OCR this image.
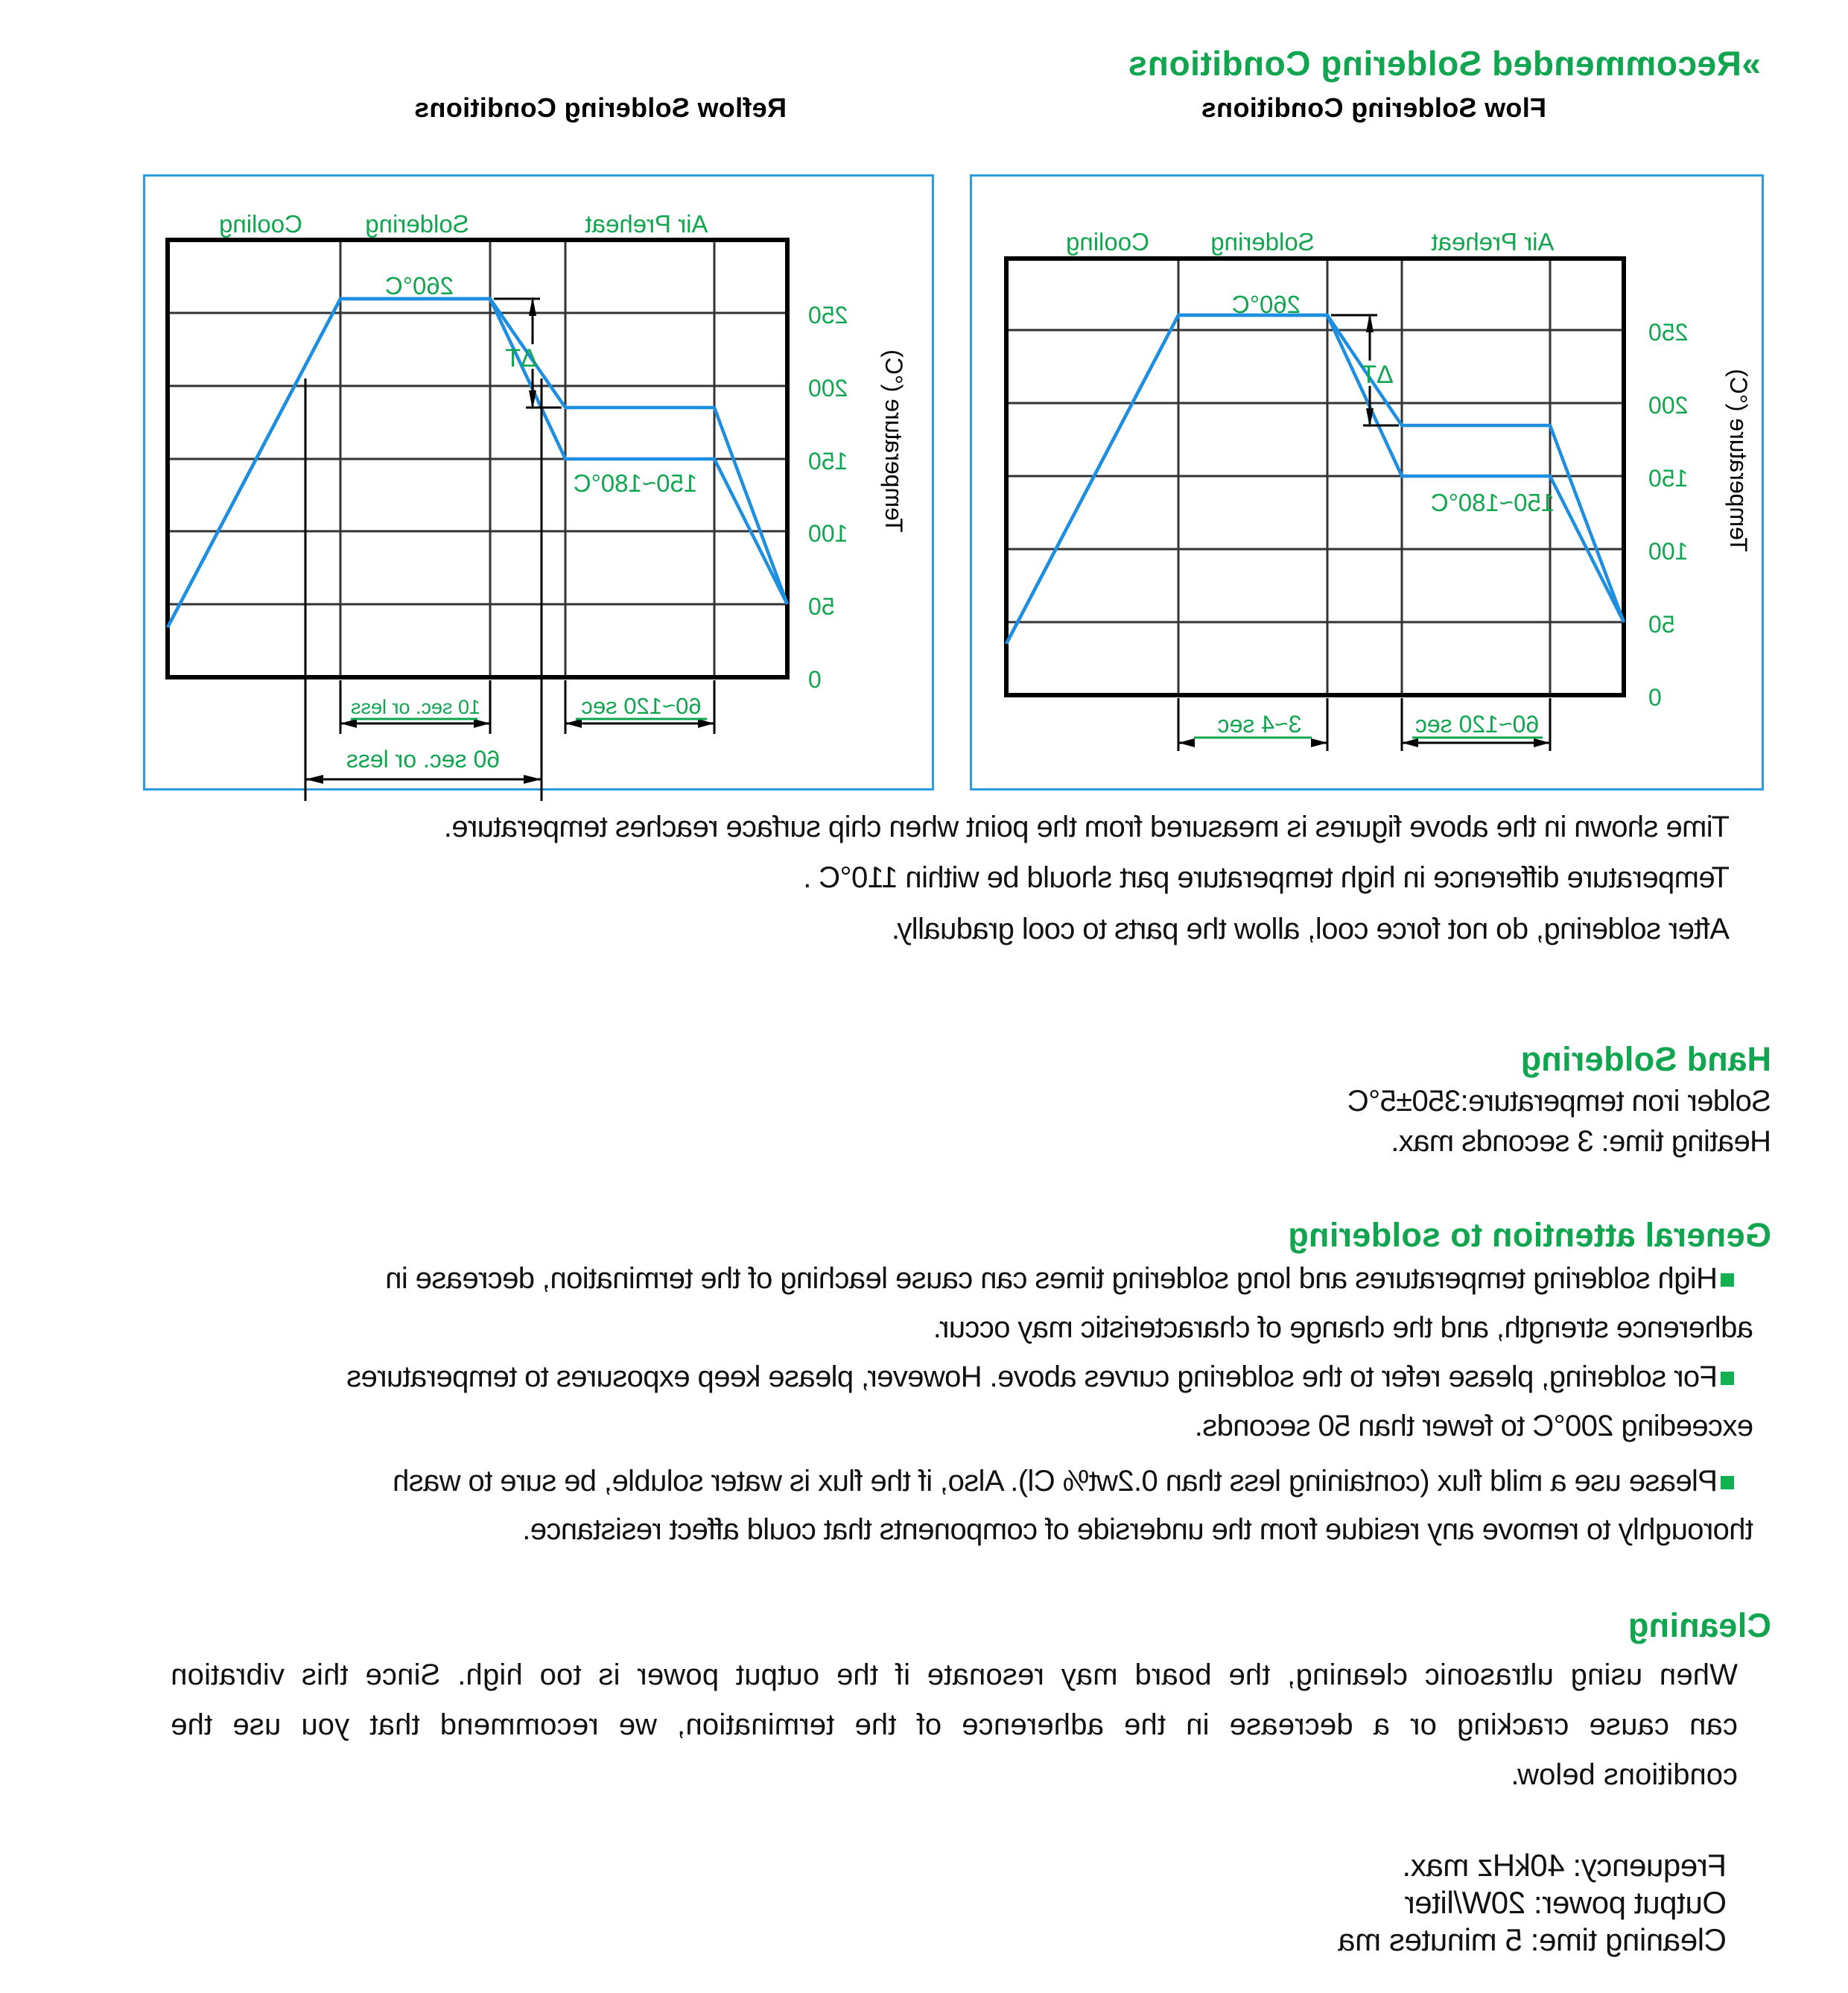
»Recommended Soldering Conditions
Flow Soldering Conditions
Reflow Soldering Conditions
Air Preheat
Soldering
Cooling
0
50
100
150
200
250
Temperature (°C)
260°C
150~180°C
ΔT
60~120 sec
3~4 sec
Air Preheat
Soldering
Cooling
0
50
100
150
200
250
Temperature (°C)
260°C
150~180°C
ΔT
60~120 sec
10 sec. or less
60 sec. or less
Time shown in the above figures is measured from the point when chip surface reaches temperature.
Temperature difference in high temperature part should be within 110°C .
After soldering, do not force cool, allow the parts to cool gradually.
Hand Soldering
Solder iron temperature:350±5°C
Heating time: 3 seconds max.
General attention to soldering
High soldering temperatures and long soldering times can cause leaching of the termination, decrease in
adherence strength, and the change of characteristic may occur.
For soldering, please refer to the soldering curves above. However, please keep exposures to temperatures
exceeding 200°C to fewer than 50 seconds.
Please use a mild flux (containing less than 0.2wt% Cl). Also, if the flux is water soluble, be sure to wash
thoroughly to remove any residue from the underside of components that could affect resistance.
Cleaning
When using ultrasonic cleaning, the board may resonate if the output power is too high. Since this vibration
can cause cracking or a decrease in the adherence of the termination, we recommend that you use the
conditions below.
Frequency: 40kHz max.
Output power: 20W/liter
Cleaning time: 5 minutes ma
